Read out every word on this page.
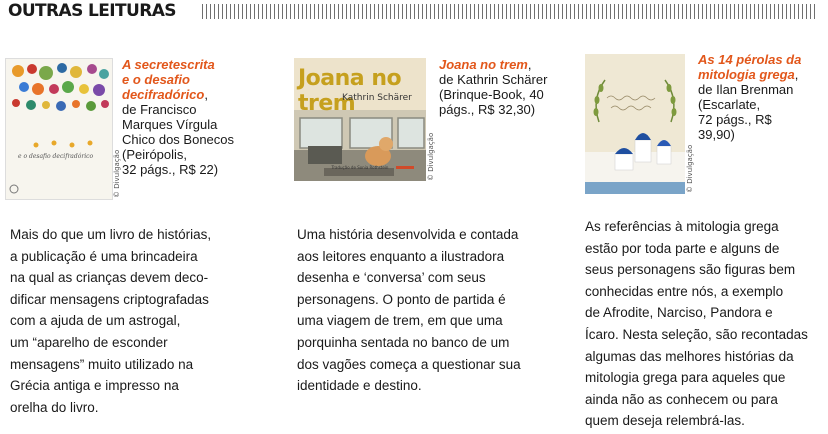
OUTRAS LEITURAS
e o desafio decifradórico	© Divulgação
A secretescrita
e o desafio
decifradórico,
de Francisco
Marques Vírgula
Chico dos Bonecos
(Peirópolis,
32 págs., R$ 22)

Mais do que um livro de histórias,

a publicação é uma brincadeira

na qual as crianças devem deco-

dificar mensagens criptografadas

com a ajuda de um astrogal,

um “aparelho de esconder

mensagens” muito utilizado na

Grécia antiga e impresso na

orelha do livro.

Tradução de Sonia Rothstein
Joana no trem
Kathrin Schärer
© Divulgação
Joana no trem,
de Kathrin Schärer
(Brinque-Book, 40
págs., R$ 32,30)

Uma história desenvolvida e contada

aos leitores enquanto a ilustradora

desenha e ‘conversa’ com seus

personagens. O ponto de partida é

uma viagem de trem, em que uma

porquinha sentada no banco de um

dos vagões começa a questionar sua

identidade e destino.

© Divulgação
As 14 pérolas da
mitologia grega,
de Ilan Brenman
(Escarlate,
72 págs., R$
39,90)

As referências à mitologia grega

estão por toda parte e alguns de

seus personagens são figuras bem

conhecidas entre nós, a exemplo

de Afrodite, Narciso, Pandora e

Ícaro. Nesta seleção, são recontadas

algumas das melhores histórias da

mitologia grega para aqueles que

ainda não as conhecem ou para

quem deseja relembrá-las.
